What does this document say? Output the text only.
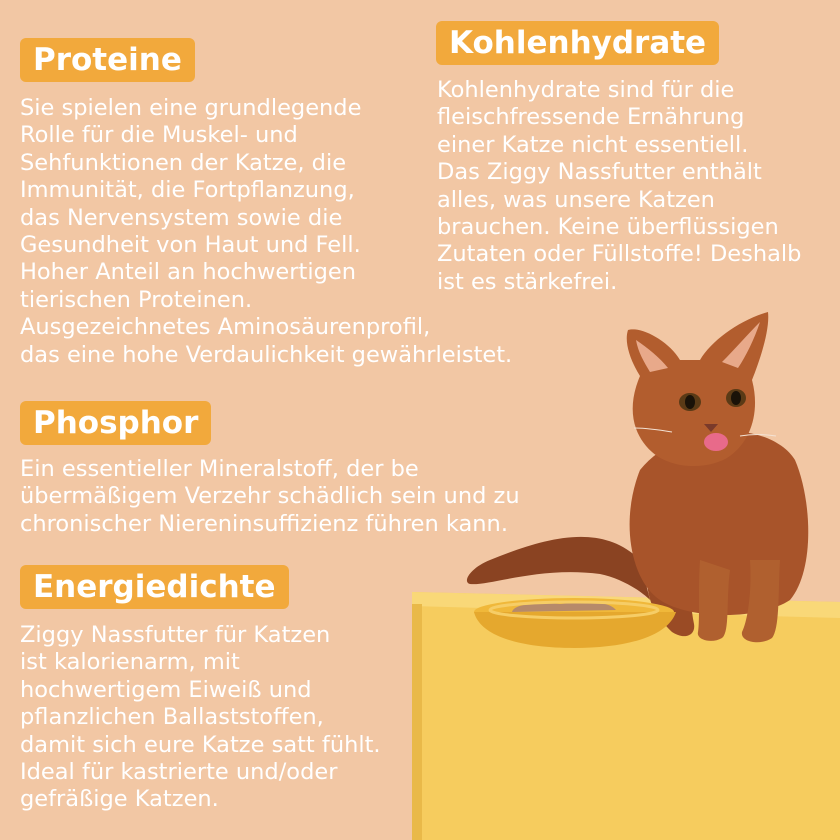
Proteine

Sie spielen eine grundlegende
Rolle für die Muskel- und
Sehfunktionen der Katze, die
Immunität, die Fortpflanzung,
das Nervensystem sowie die
Gesundheit von Haut und Fell.
Hoher Anteil an hochwertigen
tierischen Proteinen.
Ausgezeichnetes Aminosäurenprofil,
das eine hohe Verdaulichkeit gewährleistet.

Kohlenhydrate

Kohlenhydrate sind für die
fleischfressende Ernährung
einer Katze nicht essentiell.
Das Ziggy Nassfutter enthält
alles, was unsere Katzen
brauchen. Keine überflüssigen
Zutaten oder Füllstoffe! Deshalb
ist es stärkefrei.

Phosphor

Ein essentieller Mineralstoff, der be
übermäßigem Verzehr schädlich sein und zu
chronischer Niereninsuffizienz führen kann.

Energiedichte

Ziggy Nassfutter für Katzen
ist kalorienarm, mit
hochwertigem Eiweiß und
pflanzlichen Ballaststoffen,
damit sich eure Katze satt fühlt.
Ideal für kastrierte und/oder
gefräßige Katzen.
